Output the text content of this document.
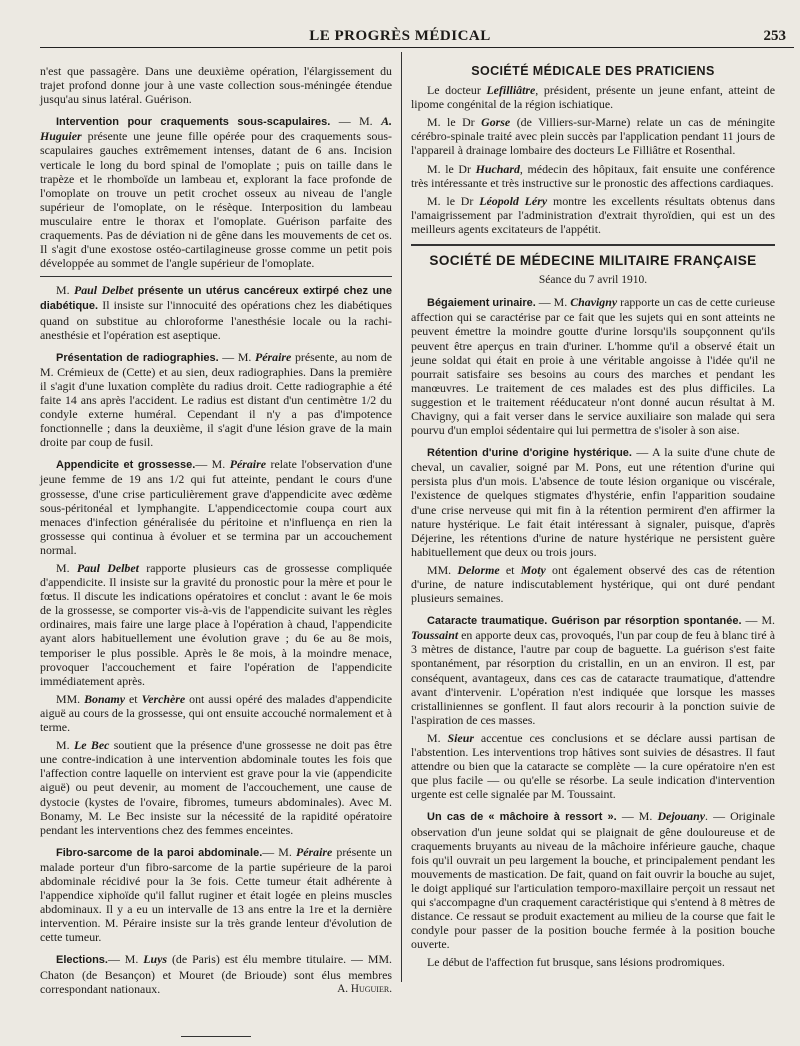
LE PROGRÈS MÉDICAL	253

n'est que passagère. Dans une deuxième opération, l'élargissement du trajet profond donne jour à une vaste collection sous-méningée étendue jusqu'au sinus latéral. Guérison.

Intervention pour craquements sous-scapulaires. — M. A. Huguier présente une jeune fille opérée pour des craquements sous-scapulaires gauches extrêmement intenses, datant de 6 ans. Incision verticale le long du bord spinal de l'omoplate ; puis on taille dans le trapèze et le rhomboïde un lambeau et, explorant la face profonde de l'omoplate on trouve un petit crochet osseux au niveau de l'angle supérieur de l'omoplate, on le résèque. Interposition du lambeau musculaire entre le thorax et l'omoplate. Guérison parfaite des craquements. Pas de déviation ni de gêne dans les mouvements de cet os. Il s'agit d'une exostose ostéo-cartilagineuse grosse comme un petit pois développée au sommet de l'angle supérieur de l'omoplate.

M. Paul Delbet présente un utérus cancéreux extirpé chez une diabétique. Il insiste sur l'innocuité des opérations chez les diabétiques quand on substitue au chloroforme l'anesthésie locale ou la rachi-anesthésie et l'opération est aseptique.

Présentation de radiographies. — M. Péraire présente, au nom de M. Crémieux de (Cette) et au sien, deux radiographies. Dans la première il s'agit d'une luxation complète du radius droit. Cette radiographie a été faite 14 ans après l'accident. Le radius est distant d'un centimètre 1/2 du condyle externe huméral. Cependant il n'y a pas d'impotence fonctionnelle ; dans la deuxième, il s'agit d'une lésion grave de la main droite par coup de fusil.

Appendicite et grossesse.— M. Péraire relate l'observation d'une jeune femme de 19 ans 1/2 qui fut atteinte, pendant le cours d'une grossesse, d'une crise particulièrement grave d'appendicite avec œdème sous-péritonéal et lymphangite. L'appendicectomie coupa court aux menaces d'infection généralisée du péritoine et n'influença en rien la grossesse qui continua à évoluer et se termina par un accouchement normal.

M. Paul Delbet rapporte plusieurs cas de grossesse compliquée d'appendicite. Il insiste sur la gravité du pronostic pour la mère et pour le fœtus. Il discute les indications opératoires et conclut : avant le 6e mois de la grossesse, se comporter vis-à-vis de l'appendicite suivant les règles ordinaires, mais faire une large place à l'opération à chaud, l'appendicite ayant alors habituellement une évolution grave ; du 6e au 8e mois, temporiser le plus possible. Après le 8e mois, à la moindre menace, provoquer l'accouchement et faire l'opération de l'appendicite immédiatement après.

MM. Bonamy et Verchère ont aussi opéré des malades d'appendicite aiguë au cours de la grossesse, qui ont ensuite accouché normalement et à terme.

M. Le Bec soutient que la présence d'une grossesse ne doit pas être une contre-indication à une intervention abdominale toutes les fois que l'affection contre laquelle on intervient est grave pour la vie (appendicite aiguë) ou peut devenir, au moment de l'accouchement, une cause de dystocie (kystes de l'ovaire, fibromes, tumeurs abdominales). Avec M. Bonamy, M. Le Bec insiste sur la nécessité de la rapidité opératoire pendant les interventions chez des femmes enceintes.

Fibro-sarcome de la paroi abdominale.— M. Péraire présente un malade porteur d'un fibro-sarcome de la partie supérieure de la paroi abdominale récidivé pour la 3e fois. Cette tumeur était adhérente à l'appendice xiphoïde qu'il fallut ruginer et était logée en pleins muscles abdominaux. Il y a eu un intervalle de 13 ans entre la 1re et la dernière intervention. M. Péraire insiste sur la très grande lenteur d'évolution de cette tumeur.

Elections.— M. Luys (de Paris) est élu membre titulaire. — MM. Chaton (de Besançon) et Mouret (de Brioude) sont élus membres correspondant nationaux.	A. Huguier.

SOCIÉTÉ MÉDICALE DES PRATICIENS

Le docteur Lefilliâtre, président, présente un jeune enfant, atteint de lipome congénital de la région ischiatique.

M. le Dr Gorse (de Villiers-sur-Marne) relate un cas de méningite cérébro-spinale traité avec plein succès par l'application pendant 11 jours de l'appareil à drainage lombaire des docteurs Le Filliâtre et Rosenthal.

M. le Dr Huchard, médecin des hôpitaux, fait ensuite une conférence très intéressante et très instructive sur le pronostic des affections cardiaques.

M. le Dr Léopold Léry montre les excellents résultats obtenus dans l'amaigrissement par l'administration d'extrait thyroïdien, qui est un des meilleurs agents excitateurs de l'appétit.

SOCIÉTÉ DE MÉDECINE MILITAIRE FRANÇAISE

Séance du 7 avril 1910.

Bégaiement urinaire. — M. Chavigny rapporte un cas de cette curieuse affection qui se caractérise par ce fait que les sujets qui en sont atteints ne peuvent émettre la moindre goutte d'urine lorsqu'ils soupçonnent qu'ils peuvent être aperçus en train d'uriner. L'homme qu'il a observé était un jeune soldat qui était en proie à une véritable angoisse à l'idée qu'il ne pourrait satisfaire ses besoins au cours des marches et pendant les manœuvres. Le traitement de ces malades est des plus difficiles. La suggestion et le traitement rééducateur n'ont donné aucun résultat à M. Chavigny, qui a fait verser dans le service auxiliaire son malade qui sera pourvu d'un emploi sédentaire qui lui permettra de s'isoler à son aise.

Rétention d'urine d'origine hystérique. — A la suite d'une chute de cheval, un cavalier, soigné par M. Pons, eut une rétention d'urine qui persista plus d'un mois. L'absence de toute lésion organique ou viscérale, l'existence de quelques stigmates d'hystérie, enfin l'apparition soudaine d'une crise nerveuse qui mit fin à la rétention permirent d'en affirmer la nature hystérique. Le fait était intéressant à signaler, puisque, d'après Déjerine, les rétentions d'urine de nature hystérique ne persistent guère habituellement que deux ou trois jours.

MM. Delorme et Moty ont également observé des cas de rétention d'urine, de nature indiscutablement hystérique, qui ont duré pendant plusieurs semaines.

Cataracte traumatique. Guérison par résorption spontanée. — M. Toussaint en apporte deux cas, provoqués, l'un par coup de feu à blanc tiré à 3 mètres de distance, l'autre par coup de baguette. La guérison s'est faite spontanément, par résorption du cristallin, en un an environ. Il est, par conséquent, avantageux, dans ces cas de cataracte traumatique, d'attendre avant d'intervenir. L'opération n'est indiquée que lorsque les masses cristalliniennes se gonflent. Il faut alors recourir à la ponction suivie de l'aspiration de ces masses.

M. Sieur accentue ces conclusions et se déclare aussi partisan de l'abstention. Les interventions trop hâtives sont suivies de désastres. Il faut attendre ou bien que la cataracte se complète — la cure opératoire n'en est que plus facile — ou qu'elle se résorbe. La seule indication d'intervention urgente est celle signalée par M. Toussaint.

Un cas de « mâchoire à ressort ». — M. Dejouany. — Originale observation d'un jeune soldat qui se plaignait de gêne douloureuse et de craquements bruyants au niveau de la mâchoire inférieure gauche, chaque fois qu'il ouvrait un peu largement la bouche, et principalement pendant les mouvements de mastication. De fait, quand on fait ouvrir la bouche au sujet, le doigt appliqué sur l'articulation temporo-maxillaire perçoit un ressaut net qui s'accompagne d'un craquement caractéristique qui s'entend à 8 mètres de distance. Ce ressaut se produit exactement au milieu de la course que fait le condyle pour passer de la position bouche fermée à la position bouche ouverte.

Le début de l'affection fut brusque, sans lésions prodromiques.
